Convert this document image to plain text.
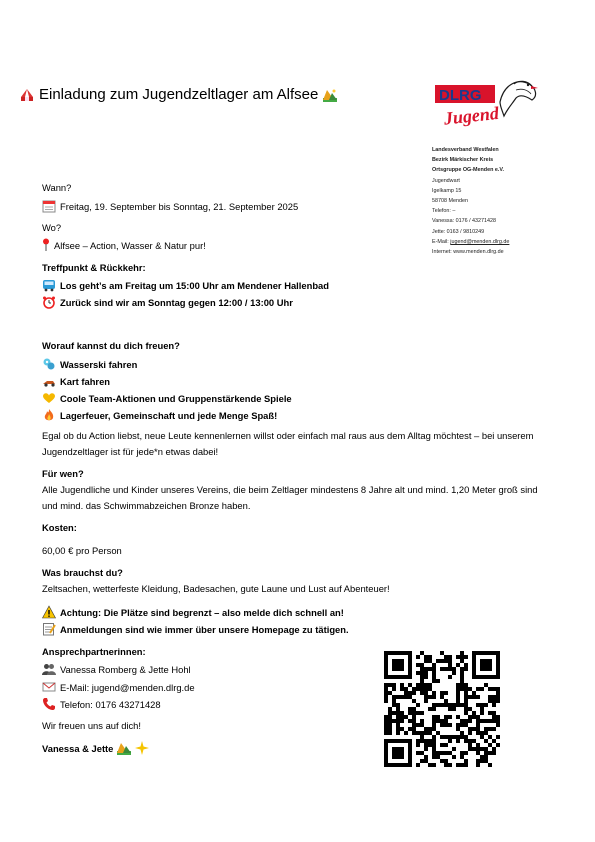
Einladung zum Jugendzeltlager am Alfsee	DLRG
Jugend
Landesverband Westfalen
Bezirk Märkischer Kreis
Ortsgruppe OG-Menden e.V.
Jugendwart
Igelkamp 15
58708 Menden
Telefon: –
Vanessa: 0176 / 43271428
Jette: 0163 / 9810249
E-Mail: jugend@menden.dlrg.de
Internet: www.menden.dlrg.de
Wann?
Freitag, 19. September bis Sonntag, 21. September 2025
Wo?
Alfsee – Action, Wasser & Natur pur!
Treffpunkt & Rückkehr:
Los geht’s am Freitag um 15:00 Uhr am Mendener Hallenbad
Zurück sind wir am Sonntag gegen 12:00 / 13:00 Uhr
Worauf kannst du dich freuen?
Wasserski fahren
Kart fahren
Coole Team-Aktionen und Gruppenstärkende Spiele
Lagerfeuer, Gemeinschaft und jede Menge Spaß!
Egal ob du Action liebst, neue Leute kennenlernen willst oder einfach mal raus aus dem Alltag möchtest – bei unserem Jugendzeltlager ist für jede*n etwas dabei!
Für wen?
Alle Jugendliche und Kinder unseres Vereins, die beim Zeltlager mindestens 8 Jahre alt und mind. 1,20 Meter groß sind und mind. das Schwimmabzeichen Bronze haben.
Kosten:
60,00 € pro Person
Was brauchst du?
Zeltsachen, wetterfeste Kleidung, Badesachen, gute Laune und Lust auf Abenteuer!
Achtung: Die Plätze sind begrenzt – also melde dich schnell an!
Anmeldungen sind wie immer über unsere Homepage zu tätigen.
Ansprechpartnerinnen:
Vanessa Romberg & Jette Hohl
E-Mail: jugend@menden.dlrg.de
Telefon: 0176 43271428
Wir freuen uns auf dich!
Vanessa & Jette
